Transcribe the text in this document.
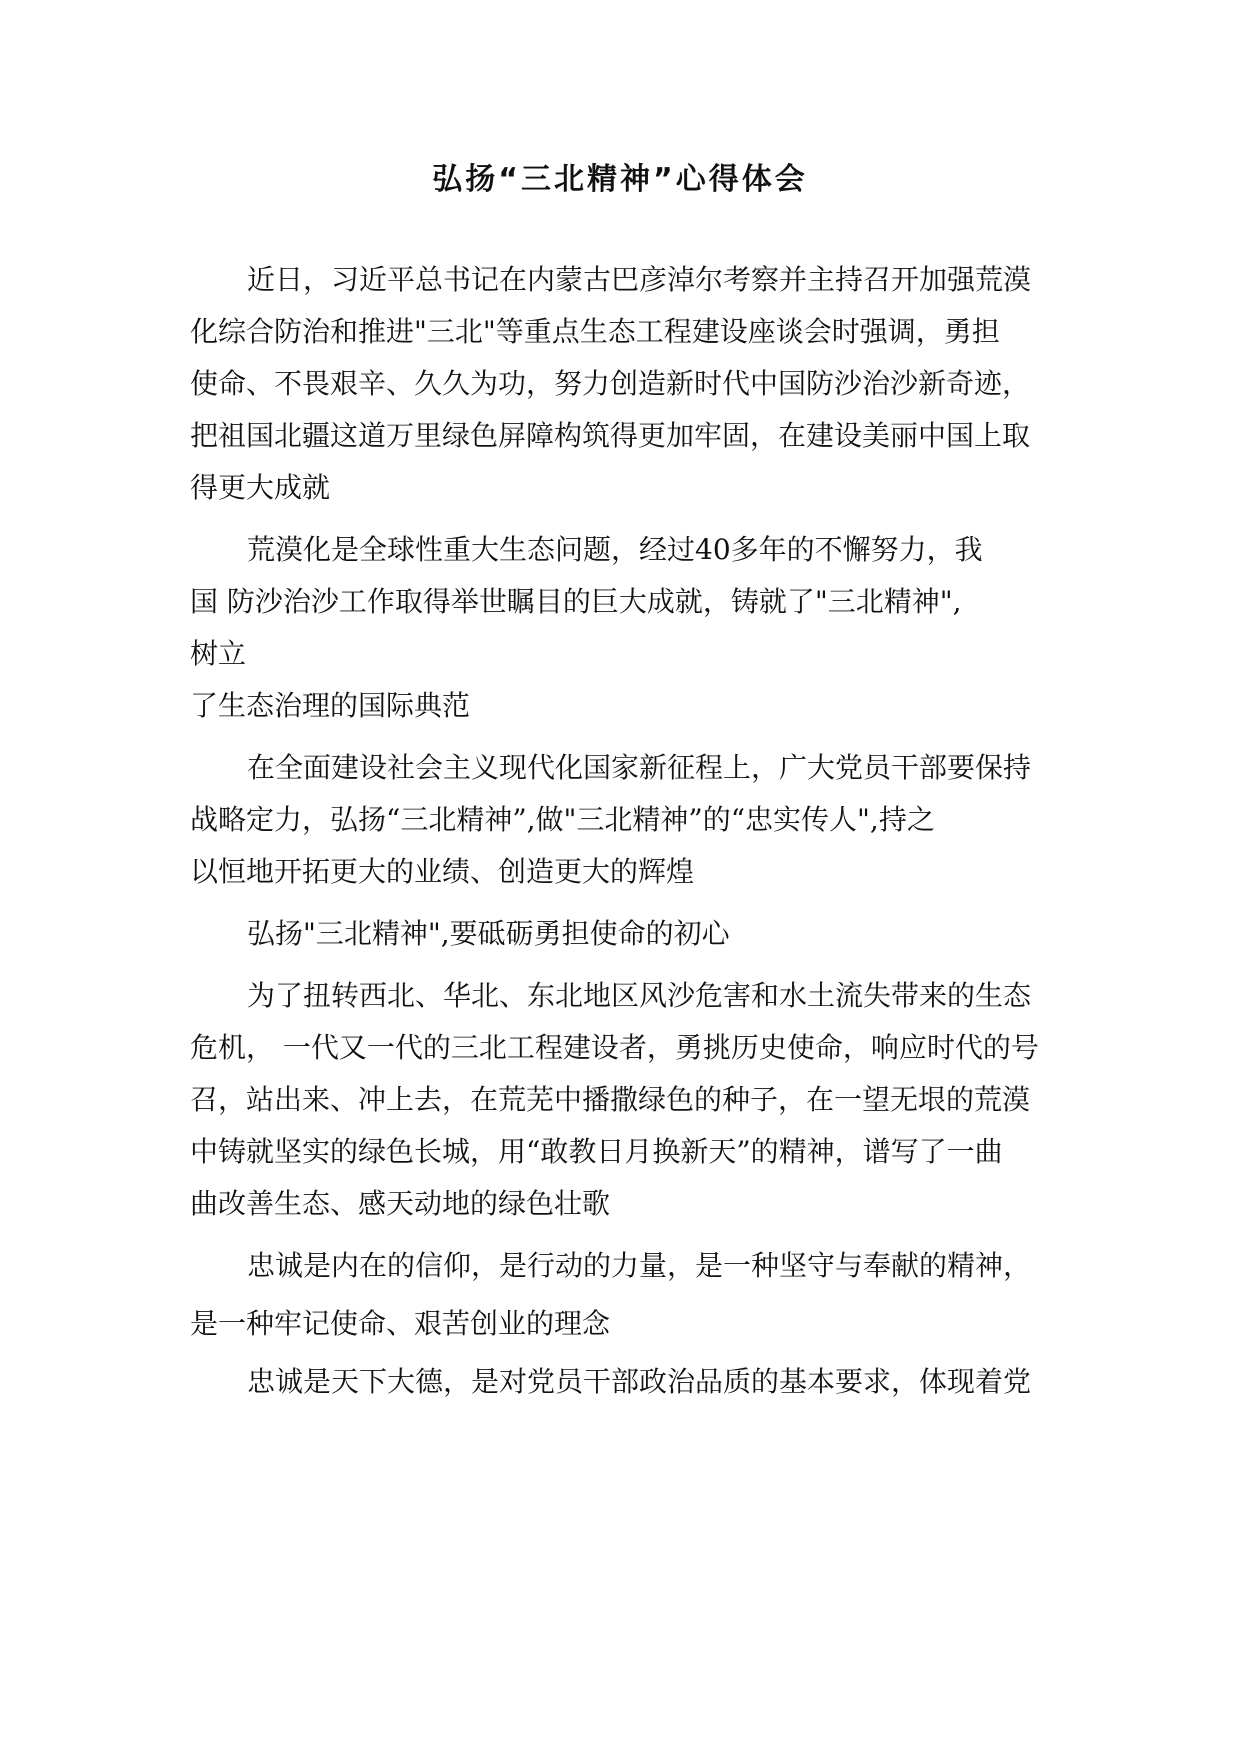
弘扬“三北精神”心得体会

近日，习近平总书记在内蒙古巴彦淖尔考察并主持召开加强荒漠

化综合防治和推进"三北"等重点生态工程建设座谈会时强调，勇担

使命、不畏艰辛、久久为功，努力创造新时代中国防沙治沙新奇迹，

把祖国北疆这道万里绿色屏障构筑得更加牢固，在建设美丽中国上取

得更大成就

荒漠化是全球性重大生态问题，经过40多年的不懈努力，我

国 防沙治沙工作取得举世瞩目的巨大成就，铸就了"三北精神",

树立

了生态治理的国际典范

在全面建设社会主义现代化国家新征程上，广大党员干部要保持

战略定力，弘扬“三北精神”,做"三北精神”的“忠实传人",持之

以恒地开拓更大的业绩、创造更大的辉煌

弘扬"三北精神",要砥砺勇担使命的初心

为了扭转西北、华北、东北地区风沙危害和水土流失带来的生态

危机， 一代又一代的三北工程建设者，勇挑历史使命，响应时代的号

召，站出来、冲上去，在荒芜中播撒绿色的种子，在一望无垠的荒漠

中铸就坚实的绿色长城，用“敢教日月换新天”的精神，谱写了一曲

曲改善生态、感天动地的绿色壮歌

忠诚是内在的信仰，是行动的力量，是一种坚守与奉献的精神，

是一种牢记使命、艰苦创业的理念

忠诚是天下大德，是对党员干部政治品质的基本要求，体现着党
